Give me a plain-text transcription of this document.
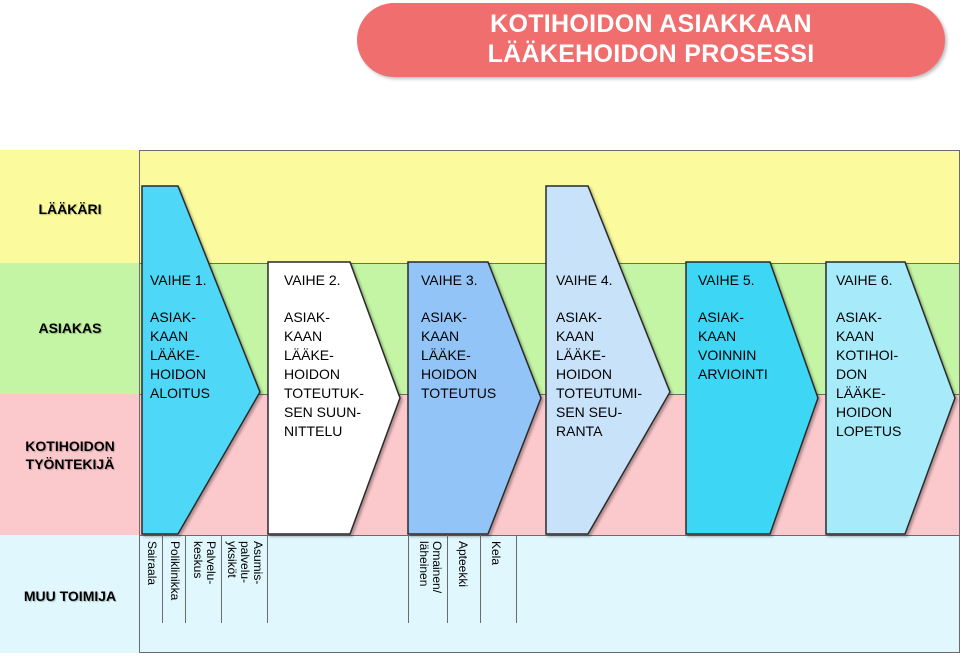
KOTIHOIDON ASIAKKAAN
LÄÄKEHOIDON PROSESSI
LÄÄKÄRI
ASIAKAS
KOTIHOIDON
TYÖNTEKIJÄ
MUU TOIMIJA
VAIHE 1.	VAIHE 2.	VAIHE 3.	VAIHE 4.	VAIHE 5.	VAIHE 6.
ASIAK-
KAAN
LÄÄKE-
HOIDON
ALOITUS
ASIAK-
KAAN
LÄÄKE-
HOIDON
TOTEUTUK-
SEN SUUN-
NITTELU
ASIAK-
KAAN
LÄÄKE-
HOIDON
TOTEUTUS
ASIAK-
KAAN
LÄÄKE-
HOIDON
TOTEUTUMI-
SEN SEU-
RANTA
ASIAK-
KAAN
VOINNIN
ARVIOINTI
ASIAK-
KAAN
KOTIHOI-
DON
LÄÄKE-
HOIDON
LOPETUS
Sairaala Poliklinikka	Palvelu-
keskus	Asumis-
palvelu-
yksiköt	Omainen/
läheinen	Apteekki Kela
